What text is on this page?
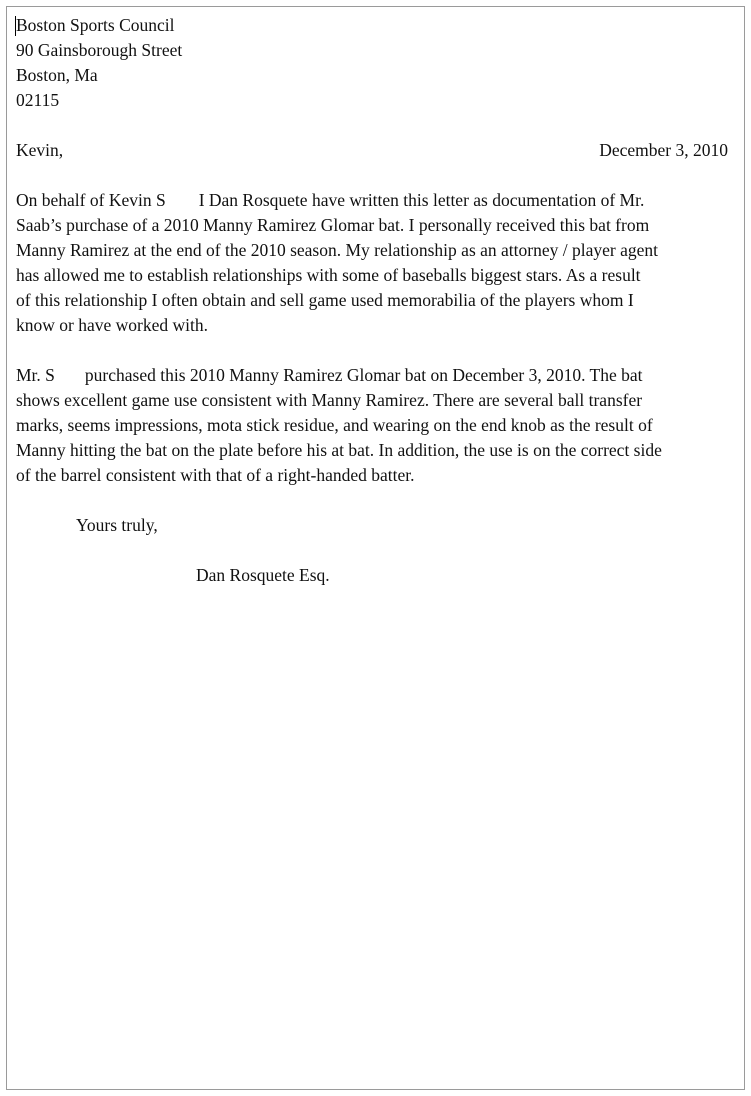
Boston Sports Council
90 Gainsborough Street
Boston, Ma
02115
Kevin,	December 3, 2010
On behalf of Kevin S I Dan Rosquete have written this letter as documentation of Mr.
Saab’s purchase of a 2010 Manny Ramirez Glomar bat. I personally received this bat from
Manny Ramirez at the end of the 2010 season. My relationship as an attorney / player agent
has allowed me to establish relationships with some of baseballs biggest stars. As a result
of this relationship I often obtain and sell game used memorabilia of the players whom I
know or have worked with.
Mr. S purchased this 2010 Manny Ramirez Glomar bat on December 3, 2010. The bat
shows excellent game use consistent with Manny Ramirez. There are several ball transfer
marks, seems impressions, mota stick residue, and wearing on the end knob as the result of
Manny hitting the bat on the plate before his at bat. In addition, the use is on the correct side
of the barrel consistent with that of a right-handed batter.
Yours truly,
Dan Rosquete Esq.
